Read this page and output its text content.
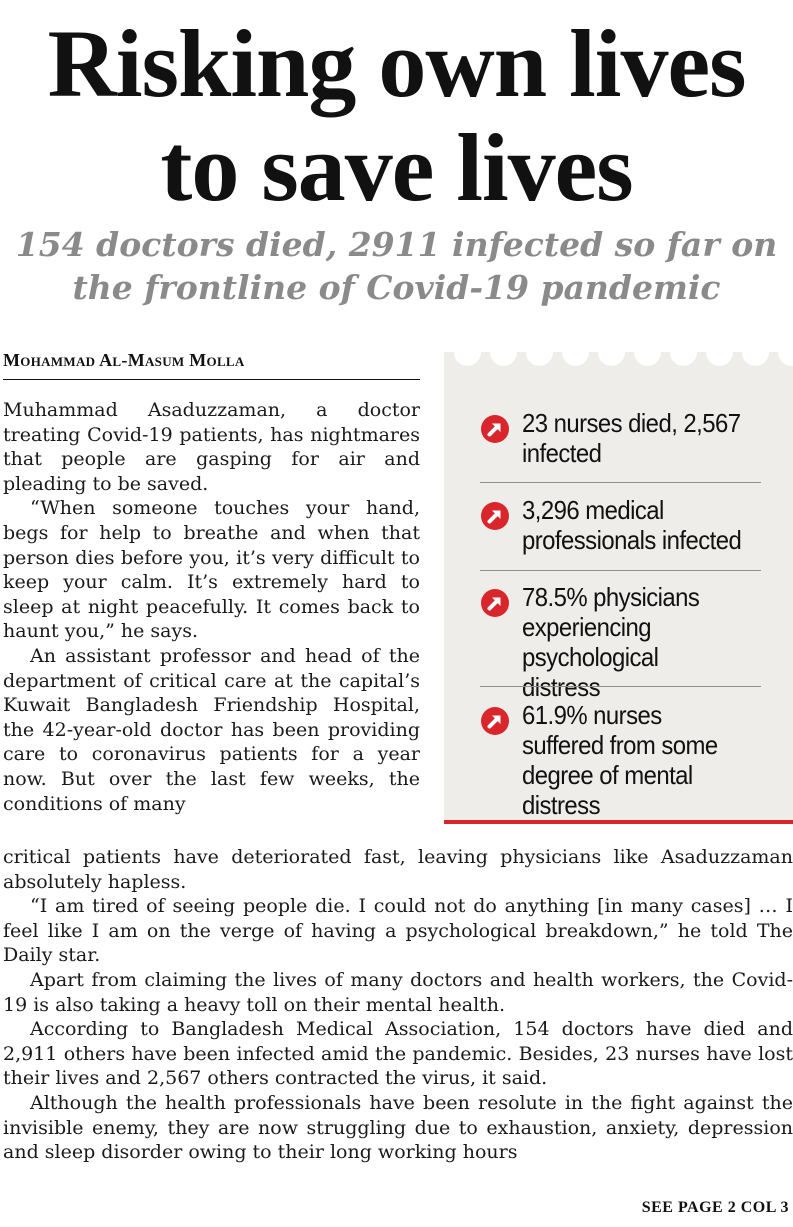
Risking own lives
to save lives
154 doctors died, 2911 infected so far on
the frontline of Covid-19 pandemic
Mohammad Al-Masum Molla

Muhammad Asaduzzaman, a doctor treating Covid-19 patients, has nightmares that people are gasping for air and pleading to be saved.

“When someone touches your hand, begs for help to breathe and when that person dies before you, it’s very difficult to keep your calm. It’s extremely hard to sleep at night peacefully. It comes back to haunt you,” he says.

An assistant professor and head of the department of critical care at the capital’s Kuwait Bangladesh Friendship Hospital, the 42-year-old doctor has been providing care to coronavirus patients for a year now. But over the last few weeks, the conditions of many

23 nurses died, 2,567 infected
3,296 medical professionals infected
78.5% physicians experiencing psychological distress
61.9% nurses suffered from some degree of mental distress

critical patients have deteriorated fast, leaving physicians like Asaduzzaman absolutely hapless.

“I am tired of seeing people die. I could not do anything [in many cases] … I feel like I am on the verge of having a psychological breakdown,” he told The Daily star.

Apart from claiming the lives of many doctors and health workers, the Covid-19 is also taking a heavy toll on their mental health.

According to Bangladesh Medical Association, 154 doctors have died and 2,911 others have been infected amid the pandemic. Besides, 23 nurses have lost their lives and 2,567 others contracted the virus, it said.

Although the health professionals have been resolute in the fight against the invisible enemy, they are now struggling due to exhaustion, anxiety, depression and sleep disorder owing to their long working hours

SEE PAGE 2 COL 3
